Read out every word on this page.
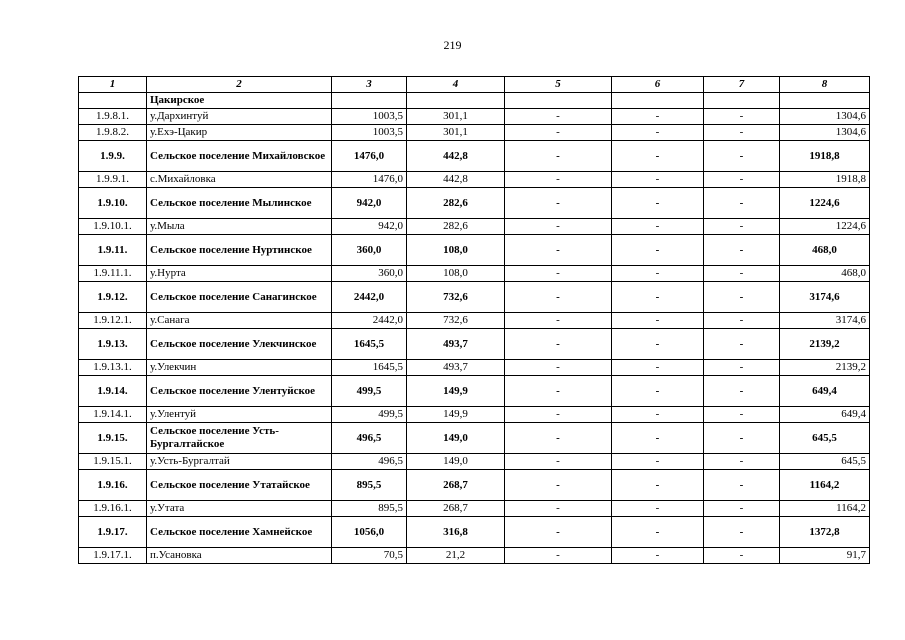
219
1	2	3	4	5	6	7	8
	Цакирское						
1.9.8.1.	у.Дархинтуй	1003,5	301,1	-	-	-	1304,6
1.9.8.2.	у.Ехэ-Цакир	1003,5	301,1	-	-	-	1304,6
1.9.9.	Сельское поселение Михайловское	1476,0	442,8	-	-	-	1918,8
1.9.9.1.	с.Михайловка	1476,0	442,8	-	-	-	1918,8
1.9.10.	Сельское поселение Мылинское	942,0	282,6	-	-	-	1224,6
1.9.10.1.	у.Мыла	942,0	282,6	-	-	-	1224,6
1.9.11.	Сельское поселение Нуртинское	360,0	108,0	-	-	-	468,0
1.9.11.1.	у.Нурта	360,0	108,0	-	-	-	468,0
1.9.12.	Сельское поселение Санагинское	2442,0	732,6	-	-	-	3174,6
1.9.12.1.	у.Санага	2442,0	732,6	-	-	-	3174,6
1.9.13.	Сельское поселение Улекчинское	1645,5	493,7	-	-	-	2139,2
1.9.13.1.	у.Улекчин	1645,5	493,7	-	-	-	2139,2
1.9.14.	Сельское поселение Улентуйское	499,5	149,9	-	-	-	649,4
1.9.14.1.	у.Улентуй	499,5	149,9	-	-	-	649,4
1.9.15.	Сельское поселение Усть-Бургалтайское	496,5	149,0	-	-	-	645,5
1.9.15.1.	у.Усть-Бургалтай	496,5	149,0	-	-	-	645,5
1.9.16.	Сельское поселение Утатайское	895,5	268,7	-	-	-	1164,2
1.9.16.1.	у.Утата	895,5	268,7	-	-	-	1164,2
1.9.17.	Сельское поселение Хамнейское	1056,0	316,8	-	-	-	1372,8
1.9.17.1.	п.Усановка	70,5	21,2	-	-	-	91,7
